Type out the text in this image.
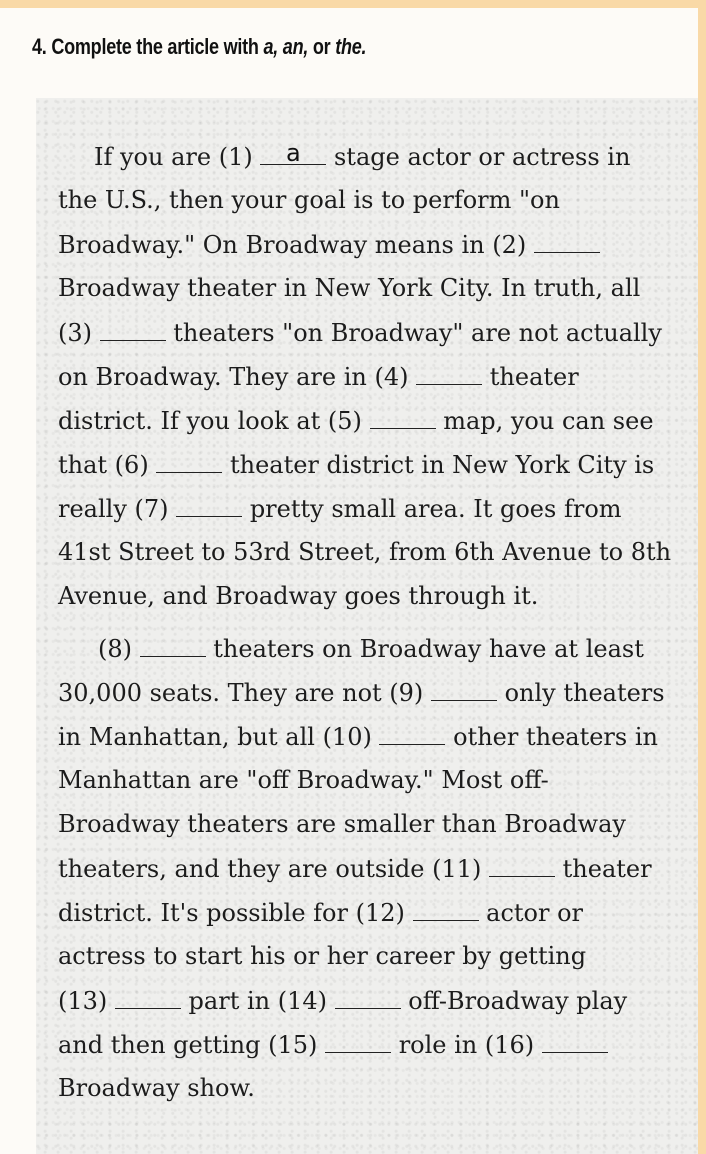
4. Complete the article with a, an, or the.
If you are (1)	a	stage actor or actress in
the U.S., then your goal is to perform "on
Broadway." On Broadway means in (2)
Broadway theater in New York City. In truth, all
(3)	theaters "on Broadway" are not actually
on Broadway. They are in (4)	theater
district. If you look at (5)	map, you can see
that (6)	theater district in New York City is
really (7)	pretty small area. It goes from
41st Street to 53rd Street, from 6th Avenue to 8th
Avenue, and Broadway goes through it.
(8)	theaters on Broadway have at least
30,000 seats. They are not (9)	only theaters
in Manhattan, but all (10)	other theaters in
Manhattan are "off Broadway." Most off-
Broadway theaters are smaller than Broadway
theaters, and they are outside (11)	theater
district. It's possible for (12)	actor or
actress to start his or her career by getting
(13)	part in (14)	off-Broadway play
and then getting (15)	role in (16)
Broadway show.
